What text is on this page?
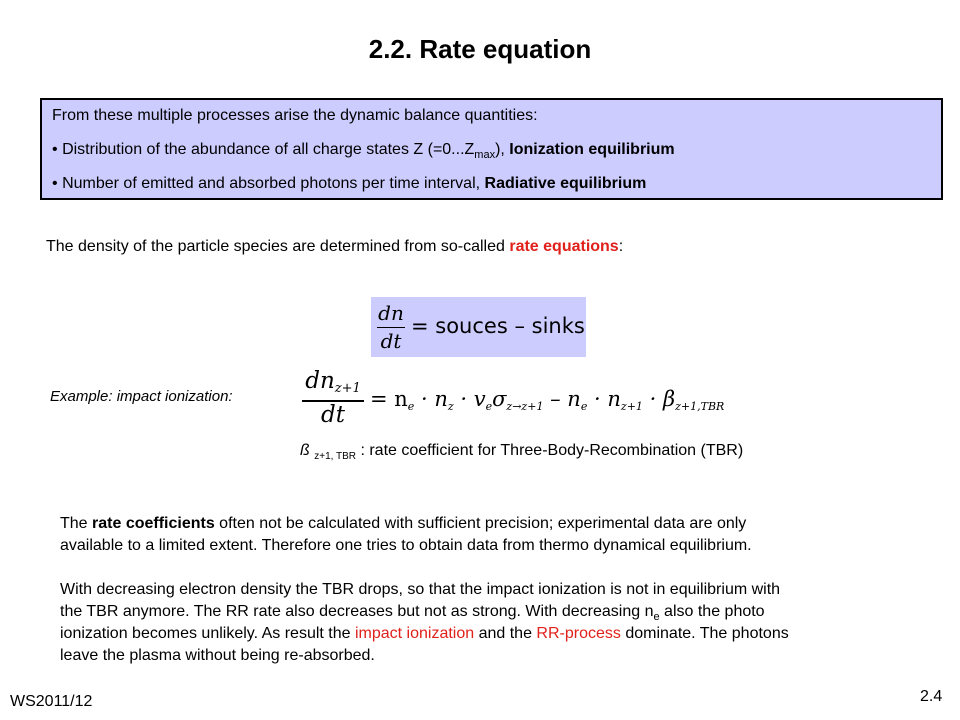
2.2. Rate equation
From these multiple processes arise the dynamic balance quantities:
• Distribution of the abundance of all charge states Z $(=0...Z_{max})$, Ionization equilibrium
• Number of emitted and absorbed photons per time interval, Radiative equilibrium
The density of the particle species are determined from so-called rate equations:
dn
dt
= souces – sinks
Example: impact ionization:
$dn_{z+1}$
dt
= $n_e \cdot n_z \cdot v_e\sigma_{z\to z+1} - n_e \cdot n_{z+1} \cdot \beta_{z+1,TBR}$
ß $_{z+1, TBR}$ : rate coefficient for Three-Body-Recombination (TBR)
The rate coefficients often not be calculated with sufficient precision; experimental data are only
available to a limited extent. Therefore one tries to obtain data from thermo dynamical equilibrium.
With decreasing electron density the TBR drops, so that the impact ionization is not in equilibrium with
the TBR anymore. The RR rate also decreases but not as strong. With decreasing $n_e$ also the photo
ionization becomes unlikely. As result the impact ionization and the RR-process dominate. The photons
leave the plasma without being re-absorbed.
WS2011/12	2.4
